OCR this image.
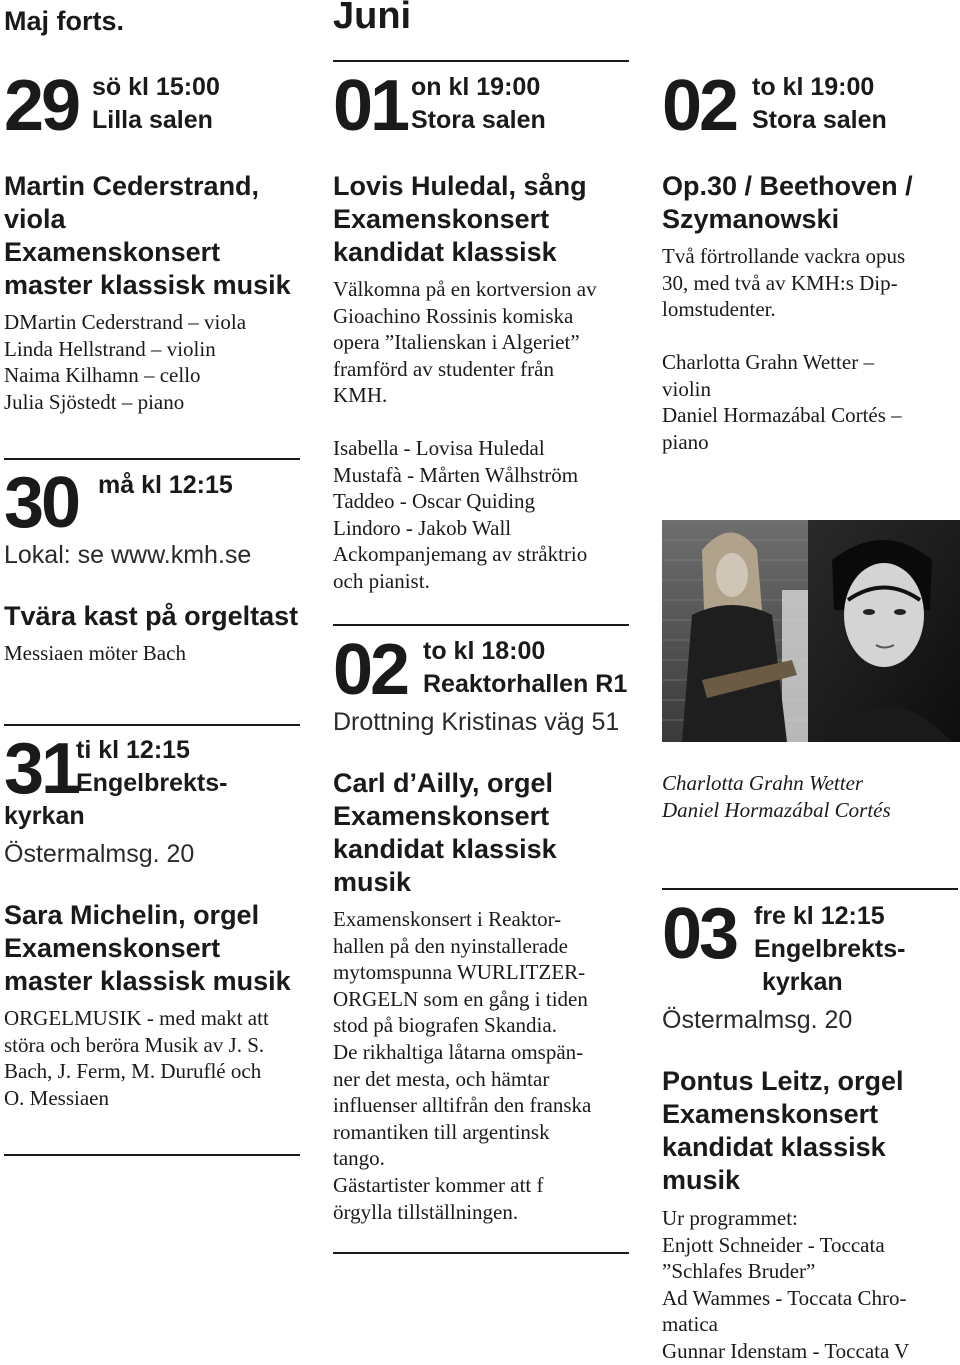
Maj forts.
29 sö kl 15:00
Lilla salen
Martin Cederstrand,
viola
Examenskonsert
master klassisk musik
DMartin Cederstrand – viola
Linda Hellstrand – violin
Naima Kilhamn – cello
Julia Sjöstedt – piano
30 må kl 12:15
Lokal: se www.kmh.se
Tvära kast på orgeltast
Messiaen möter Bach
31
ti kl 12:15
Engelbrekts-
kyrkan
Östermalmsg. 20
Sara Michelin, orgel
Examenskonsert
master klassisk musik
ORGELMUSIK - med makt att
störa och beröra Musik av J. S.
Bach, J. Ferm, M. Duruflé och
O. Messiaen
Juni
01 on kl 19:00
Stora salen
Lovis Huledal, sång
Examenskonsert
kandidat klassisk
Välkomna på en kortversion av
Gioachino Rossinis komiska
opera ”Italienskan i Algeriet”
framförd av studenter från
KMH.
Isabella - Lovisa Huledal
Mustafà - Mårten Wålhström
Taddeo - Oscar Quiding
Lindoro - Jakob Wall
Ackompanjemang av stråktrio
och pianist.
02 to kl 18:00
Reaktorhallen R1
Drottning Kristinas väg 51
Carl d’Ailly, orgel
Examenskonsert
kandidat klassisk
musik
Examenskonsert i Reaktor-
hallen på den nyinstallerade
mytomspunna WURLITZER-
ORGELN som en gång i tiden
stod på biografen Skandia.
De rikhaltiga låtarna omspän-
ner det mesta, och hämtar
influenser alltifrån den franska
romantiken till argentinsk
tango.
Gästartister kommer att f
örgylla tillställningen.
02 to kl 19:00
Stora salen
Op.30 / Beethoven /
Szymanowski
Två förtrollande vackra opus
30, med två av KMH:s Dip-
lomstudenter.
Charlotta Grahn Wetter –
violin
Daniel Hormazábal Cortés –
piano
Charlotta Grahn Wetter
Daniel Hormazábal Cortés
03 fre kl 12:15
Engelbrekts-
kyrkan
Östermalmsg. 20
Pontus Leitz, orgel
Examenskonsert
kandidat klassisk
musik
Ur programmet:
Enjott Schneider - Toccata
”Schlafes Bruder”
Ad Wammes - Toccata Chro-
matica
Gunnar Idenstam - Toccata V
